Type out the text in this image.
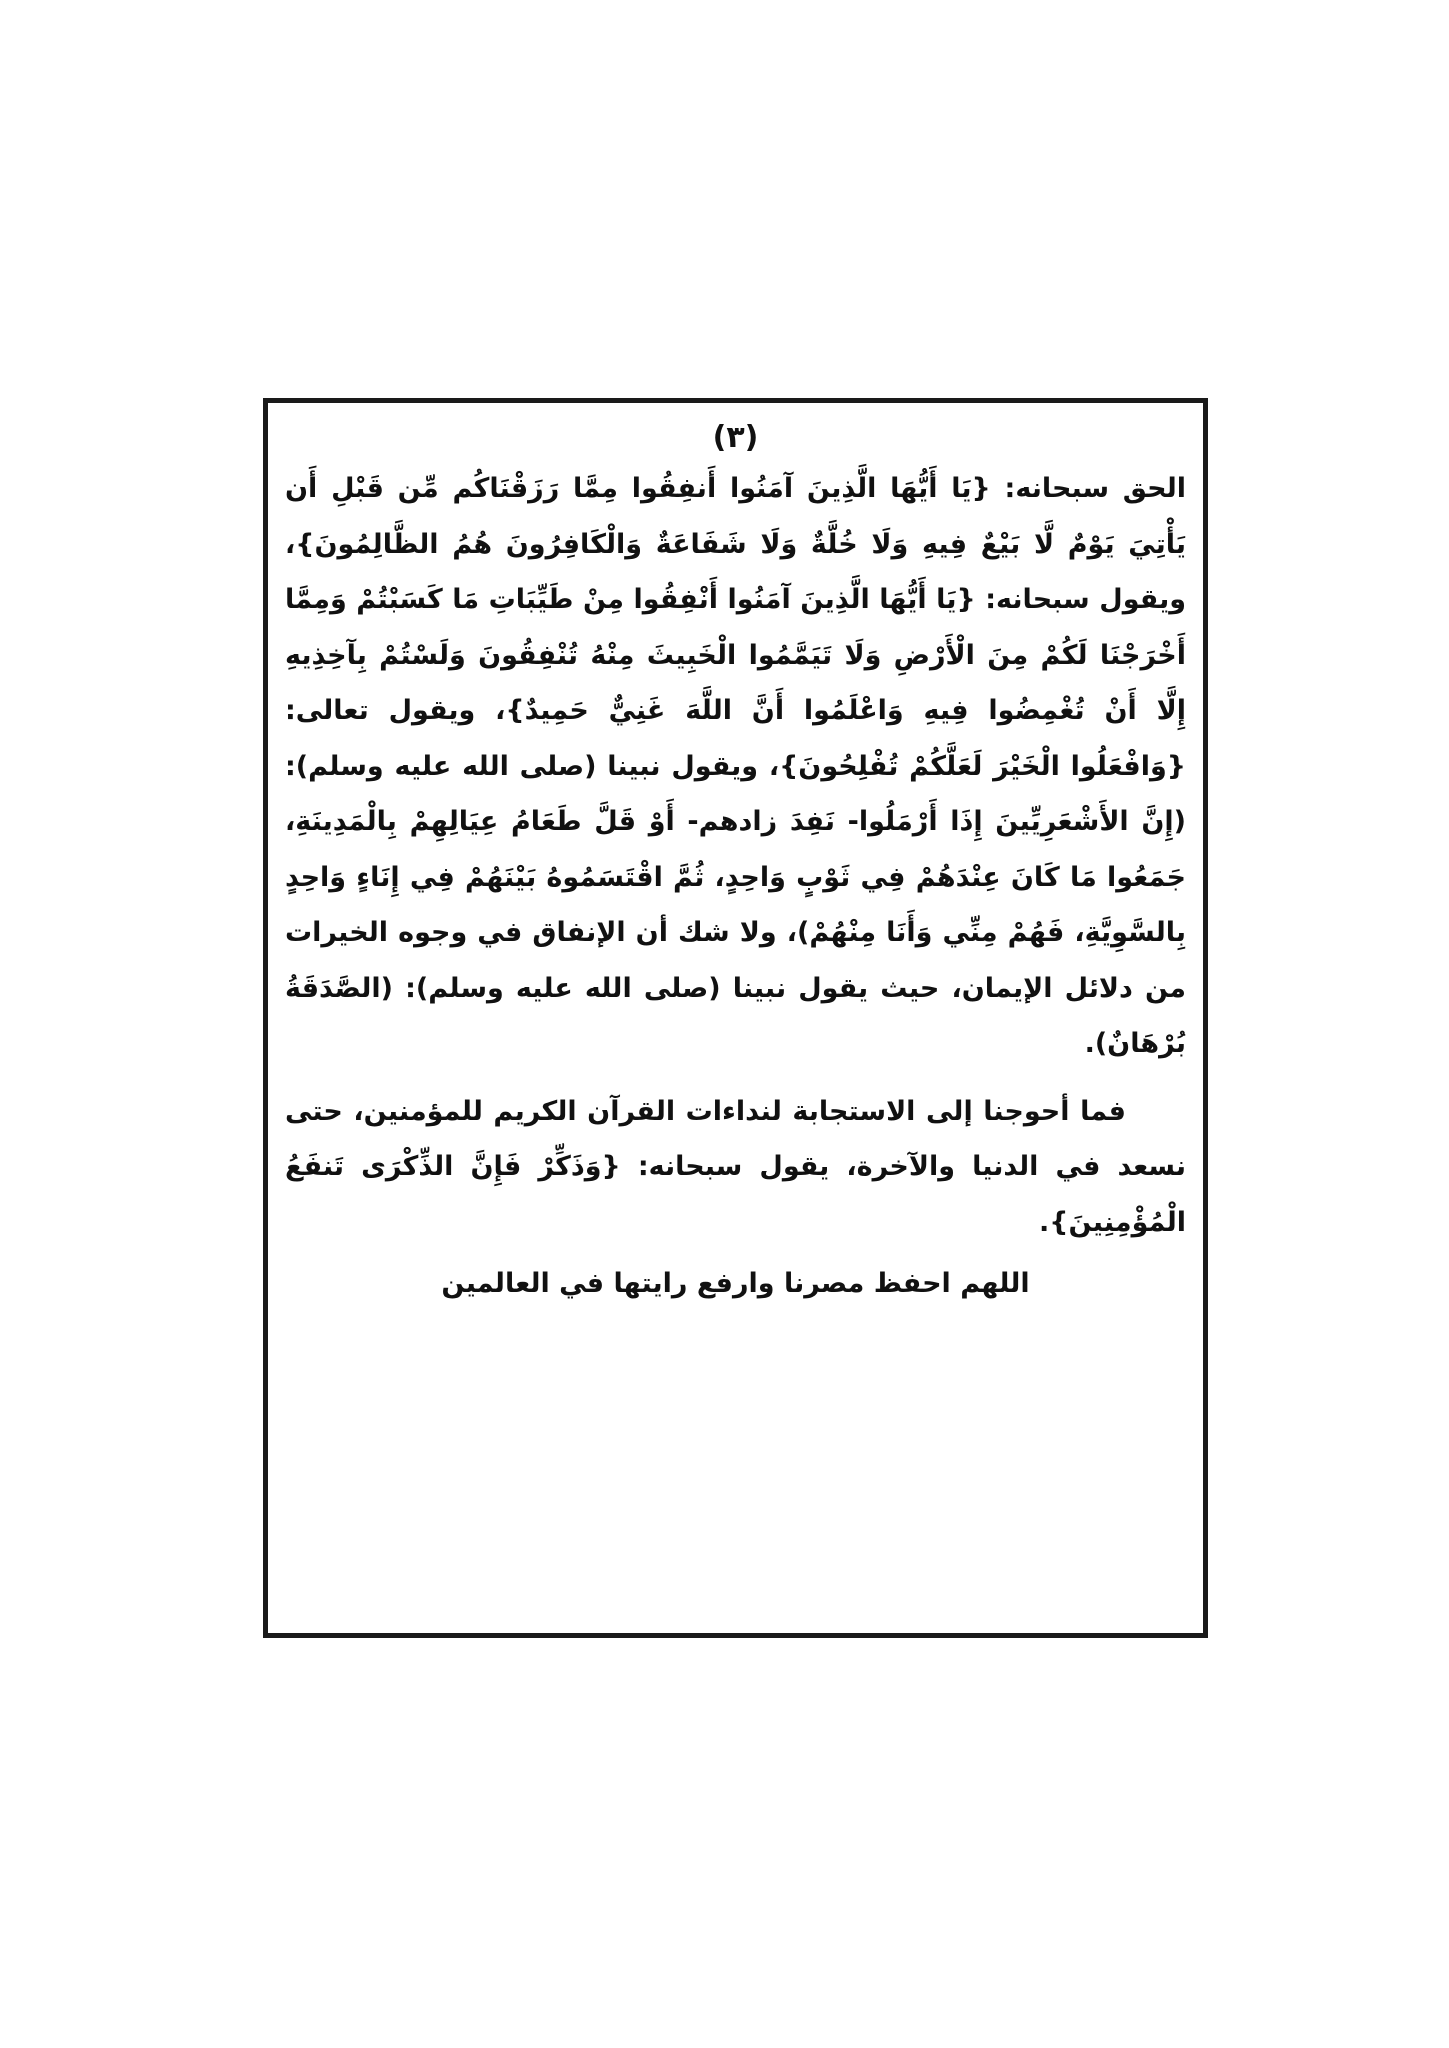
(٣)

الحق سبحانه: {يَا أَيُّهَا الَّذِينَ آمَنُوا أَنفِقُوا مِمَّا رَزَقْنَاكُم مِّن قَبْلِ أَن يَأْتِيَ يَوْمٌ لَّا بَيْعٌ فِيهِ وَلَا خُلَّةٌ وَلَا شَفَاعَةٌ وَالْكَافِرُونَ هُمُ الظَّالِمُونَ}، ويقول سبحانه: {يَا أَيُّهَا الَّذِينَ آمَنُوا أَنْفِقُوا مِنْ طَيِّبَاتِ مَا كَسَبْتُمْ وَمِمَّا أَخْرَجْنَا لَكُمْ مِنَ الْأَرْضِ وَلَا تَيَمَّمُوا الْخَبِيثَ مِنْهُ تُنْفِقُونَ وَلَسْتُمْ بِآخِذِيهِ إِلَّا أَنْ تُغْمِضُوا فِيهِ وَاعْلَمُوا أَنَّ اللَّهَ غَنِيٌّ حَمِيدٌ}، ويقول تعالى: {وَافْعَلُوا الْخَيْرَ لَعَلَّكُمْ تُفْلِحُونَ}، ويقول نبينا (صلى الله عليه وسلم): (إِنَّ الأَشْعَرِيِّينَ إِذَا أَرْمَلُوا- نَفِدَ زادهم- أَوْ قَلَّ طَعَامُ عِيَالِهِمْ بِالْمَدِينَةِ، جَمَعُوا مَا كَانَ عِنْدَهُمْ فِي ثَوْبٍ وَاحِدٍ، ثُمَّ اقْتَسَمُوهُ بَيْنَهُمْ فِي إِنَاءٍ وَاحِدٍ بِالسَّوِيَّةِ، فَهُمْ مِنِّي وَأَنَا مِنْهُمْ)، ولا شك أن الإنفاق في وجوه الخيرات من دلائل الإيمان، حيث يقول نبينا (صلى الله عليه وسلم): (الصَّدَقَةُ بُرْهَانٌ).

فما أحوجنا إلى الاستجابة لنداءات القرآن الكريم للمؤمنين، حتى نسعد في الدنيا والآخرة، يقول سبحانه: {وَذَكِّرْ فَإِنَّ الذِّكْرَى تَنفَعُ الْمُؤْمِنِينَ}.

اللهم احفظ مصرنا وارفع رايتها في العالمين
